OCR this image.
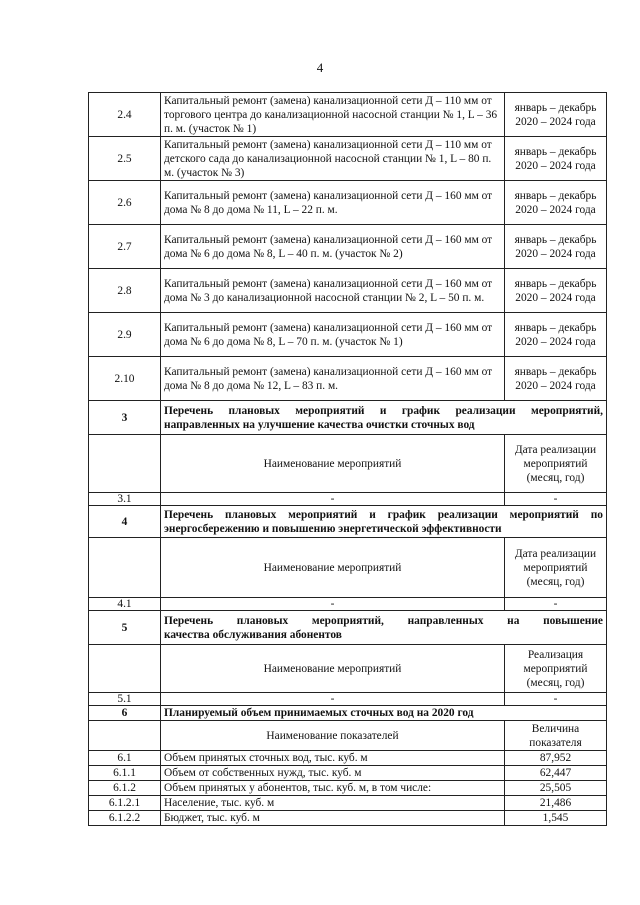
4
2.4	Капитальный ремонт (замена) канализационной сети Д – 110 мм от торгового центра до канализационной насосной станции № 1, L – 36 п. м. (участок № 1)	январь – декабрь 2020 – 2024 года
2.5	Капитальный ремонт (замена) канализационной сети Д – 110 мм от детского сада до канализационной насосной станции № 1, L – 80 п. м. (участок № 3)	январь – декабрь 2020 – 2024 года
2.6	Капитальный ремонт (замена) канализационной сети Д – 160 мм от дома № 8 до дома № 11, L – 22 п. м.	январь – декабрь 2020 – 2024 года
2.7	Капитальный ремонт (замена) канализационной сети Д – 160 мм от дома № 6 до дома № 8, L – 40 п. м. (участок № 2)	январь – декабрь 2020 – 2024 года
2.8	Капитальный ремонт (замена) канализационной сети Д – 160 мм от дома № 3 до канализационной насосной станции № 2, L – 50 п. м.	январь – декабрь 2020 – 2024 года
2.9	Капитальный ремонт (замена) канализационной сети Д – 160 мм от дома № 6 до дома № 8, L – 70 п. м. (участок № 1)	январь – декабрь 2020 – 2024 года
2.10	Капитальный ремонт (замена) канализационной сети Д – 160 мм от дома № 8 до дома № 12, L – 83 п. м.	январь – декабрь 2020 – 2024 года
3	Перечень плановых мероприятий и график реализации мероприятий,
направленных на улучшение качества очистки сточных вод	

	Наименование мероприятий	Дата реализации мероприятий (месяц, год)
3.1	-	-
4	Перечень плановых мероприятий и график реализации мероприятий по
энергосбережению и повышению энергетической эффективности	

	Наименование мероприятий	Дата реализации мероприятий (месяц, год)
4.1	-	-
5	Перечень плановых мероприятий, направленных на повышение
качества обслуживания абонентов	

	Наименование мероприятий	Реализация мероприятий (месяц, год)
5.1	-	-
6	Планируемый объем принимаемых сточных вод на 2020 год	
	Наименование показателей	Величина показателя
6.1	Объем принятых сточных вод, тыс. куб. м	87,952
6.1.1	Объем от собственных нужд, тыс. куб. м	62,447
6.1.2	Объем принятых у абонентов, тыс. куб. м, в том числе:	25,505
6.1.2.1	Население, тыс. куб. м	21,486
6.1.2.2	Бюджет, тыс. куб. м	1,545
